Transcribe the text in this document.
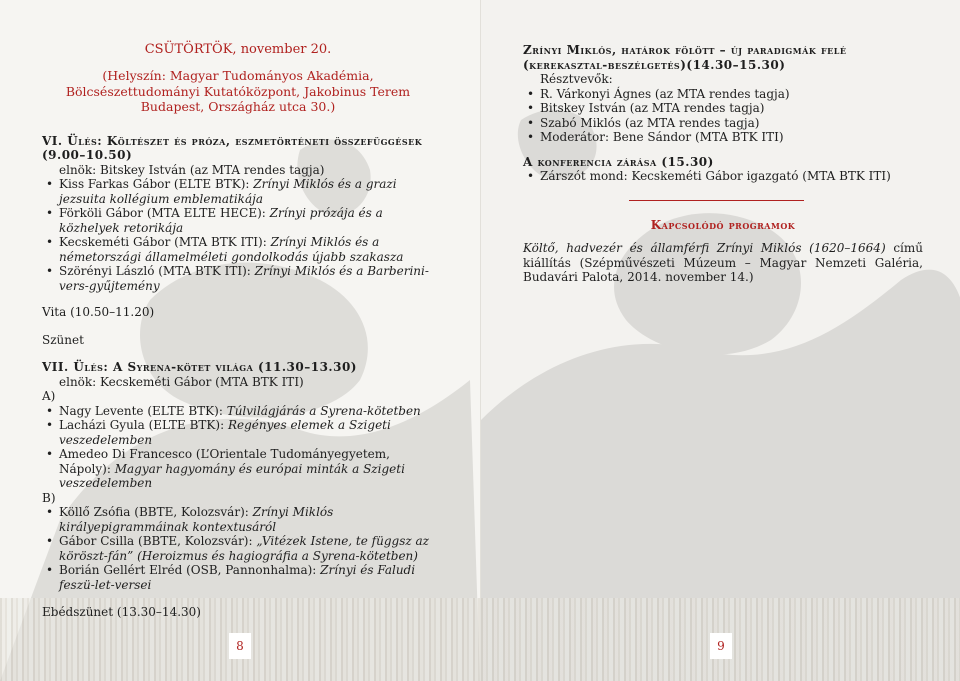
CSÜTÖRTÖK, november 20.
(Helyszín: Magyar Tudományos Akadémia,
Bölcsészettudományi Kutatóközpont, Jakobinus Terem
Budapest, Országház utca 30.)
VI. Ülés: Költészet és próza, eszmetörténeti összefüggések
(9.00–10.50)
elnök: Bitskey István (az MTA rendes tagja)
• Kiss Farkas Gábor (ELTE BTK): Zrínyi Miklós és a grazi jezsuita kollégium emblematikája
• Förköli Gábor (MTA ELTE HECE): Zrínyi prózája és a közhelyek retorikája
• Kecskeméti Gábor (MTA BTK ITI): Zrínyi Miklós és a németországi államelméleti gondolkodás újabb szakasza
• Szörényi László (MTA BTK ITI): Zrínyi Miklós és a Barberini-vers-gyűjtemény
Vita (10.50–11.20)
Szünet
VII. Ülés: A Syrena-kötet világa (11.30–13.30)
elnök: Kecskeméti Gábor (MTA BTK ITI)
A)
• Nagy Levente (ELTE BTK): Túlvilágjárás a Syrena-kötetben
• Lacházi Gyula (ELTE BTK): Regényes elemek a Szigeti veszedelemben
• Amedeo Di Francesco (L’Orientale Tudományegyetem, Nápoly): Magyar hagyomány és európai minták a Szigeti veszedelemben
B)
• Köllő Zsófia (BBTE, Kolozsvár): Zrínyi Miklós királyepigrammáinak kontextusáról
• Gábor Csilla (BBTE, Kolozsvár): „Vitézek Istene, te függsz az köröszt-fán” (Heroizmus és hagiográfia a Syrena-kötetben)
• Borián Gellért Elréd (OSB, Pannonhalma): Zrínyi és Faludi feszü-let-versei
Ebédszünet (13.30–14.30)
8
Zrínyi Miklós, határok fölött – új paradigmák felé (kerekasztal-beszélgetés)(14.30–15.30)
Résztvevők:
• R. Várkonyi Ágnes (az MTA rendes tagja)
• Bitskey István (az MTA rendes tagja)
• Szabó Miklós (az MTA rendes tagja)
• Moderátor: Bene Sándor (MTA BTK ITI)
A konferencia zárása (15.30)
• Zárszót mond: Kecskeméti Gábor igazgató (MTA BTK ITI)
Kapcsolódó programok
Költő, hadvezér és államférfi Zrínyi Miklós (1620–1664) című kiállítás (Szépművészeti Múzeum – Magyar Nemzeti Galéria, Budavári Palota, 2014. november 14.)
9
